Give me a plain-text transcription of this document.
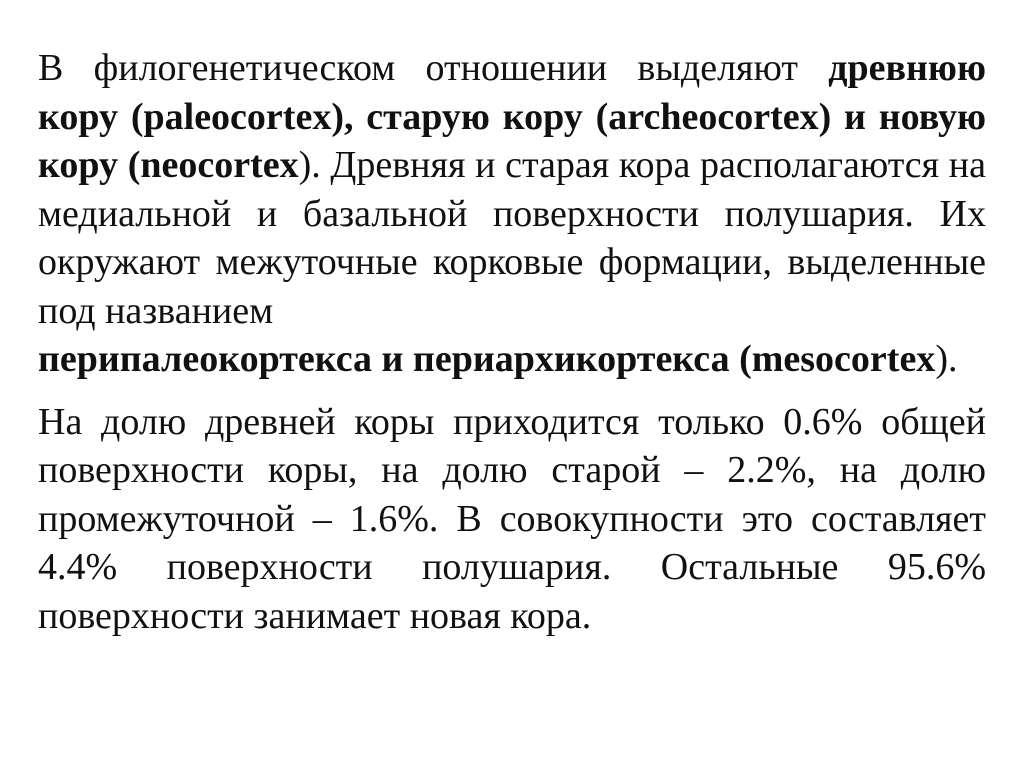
В филогенетическом отношении выделяют древнюю кору (paleocortex), старую кору (archeocortex) и новую кору (neocortex). Древняя и старая кора располагаются на медиальной и базальной поверхности полушария. Их окружают межуточные корковые формации, выделенные под названием
перипалеокортекса и периархикортекса (mesocortex).

На долю древней коры приходится только 0.6% общей поверхности коры, на долю старой – 2.2%, на долю промежуточной – 1.6%. В совокупности это составляет 4.4% поверхности полушария. Остальные 95.6% поверхности занимает новая кора.
